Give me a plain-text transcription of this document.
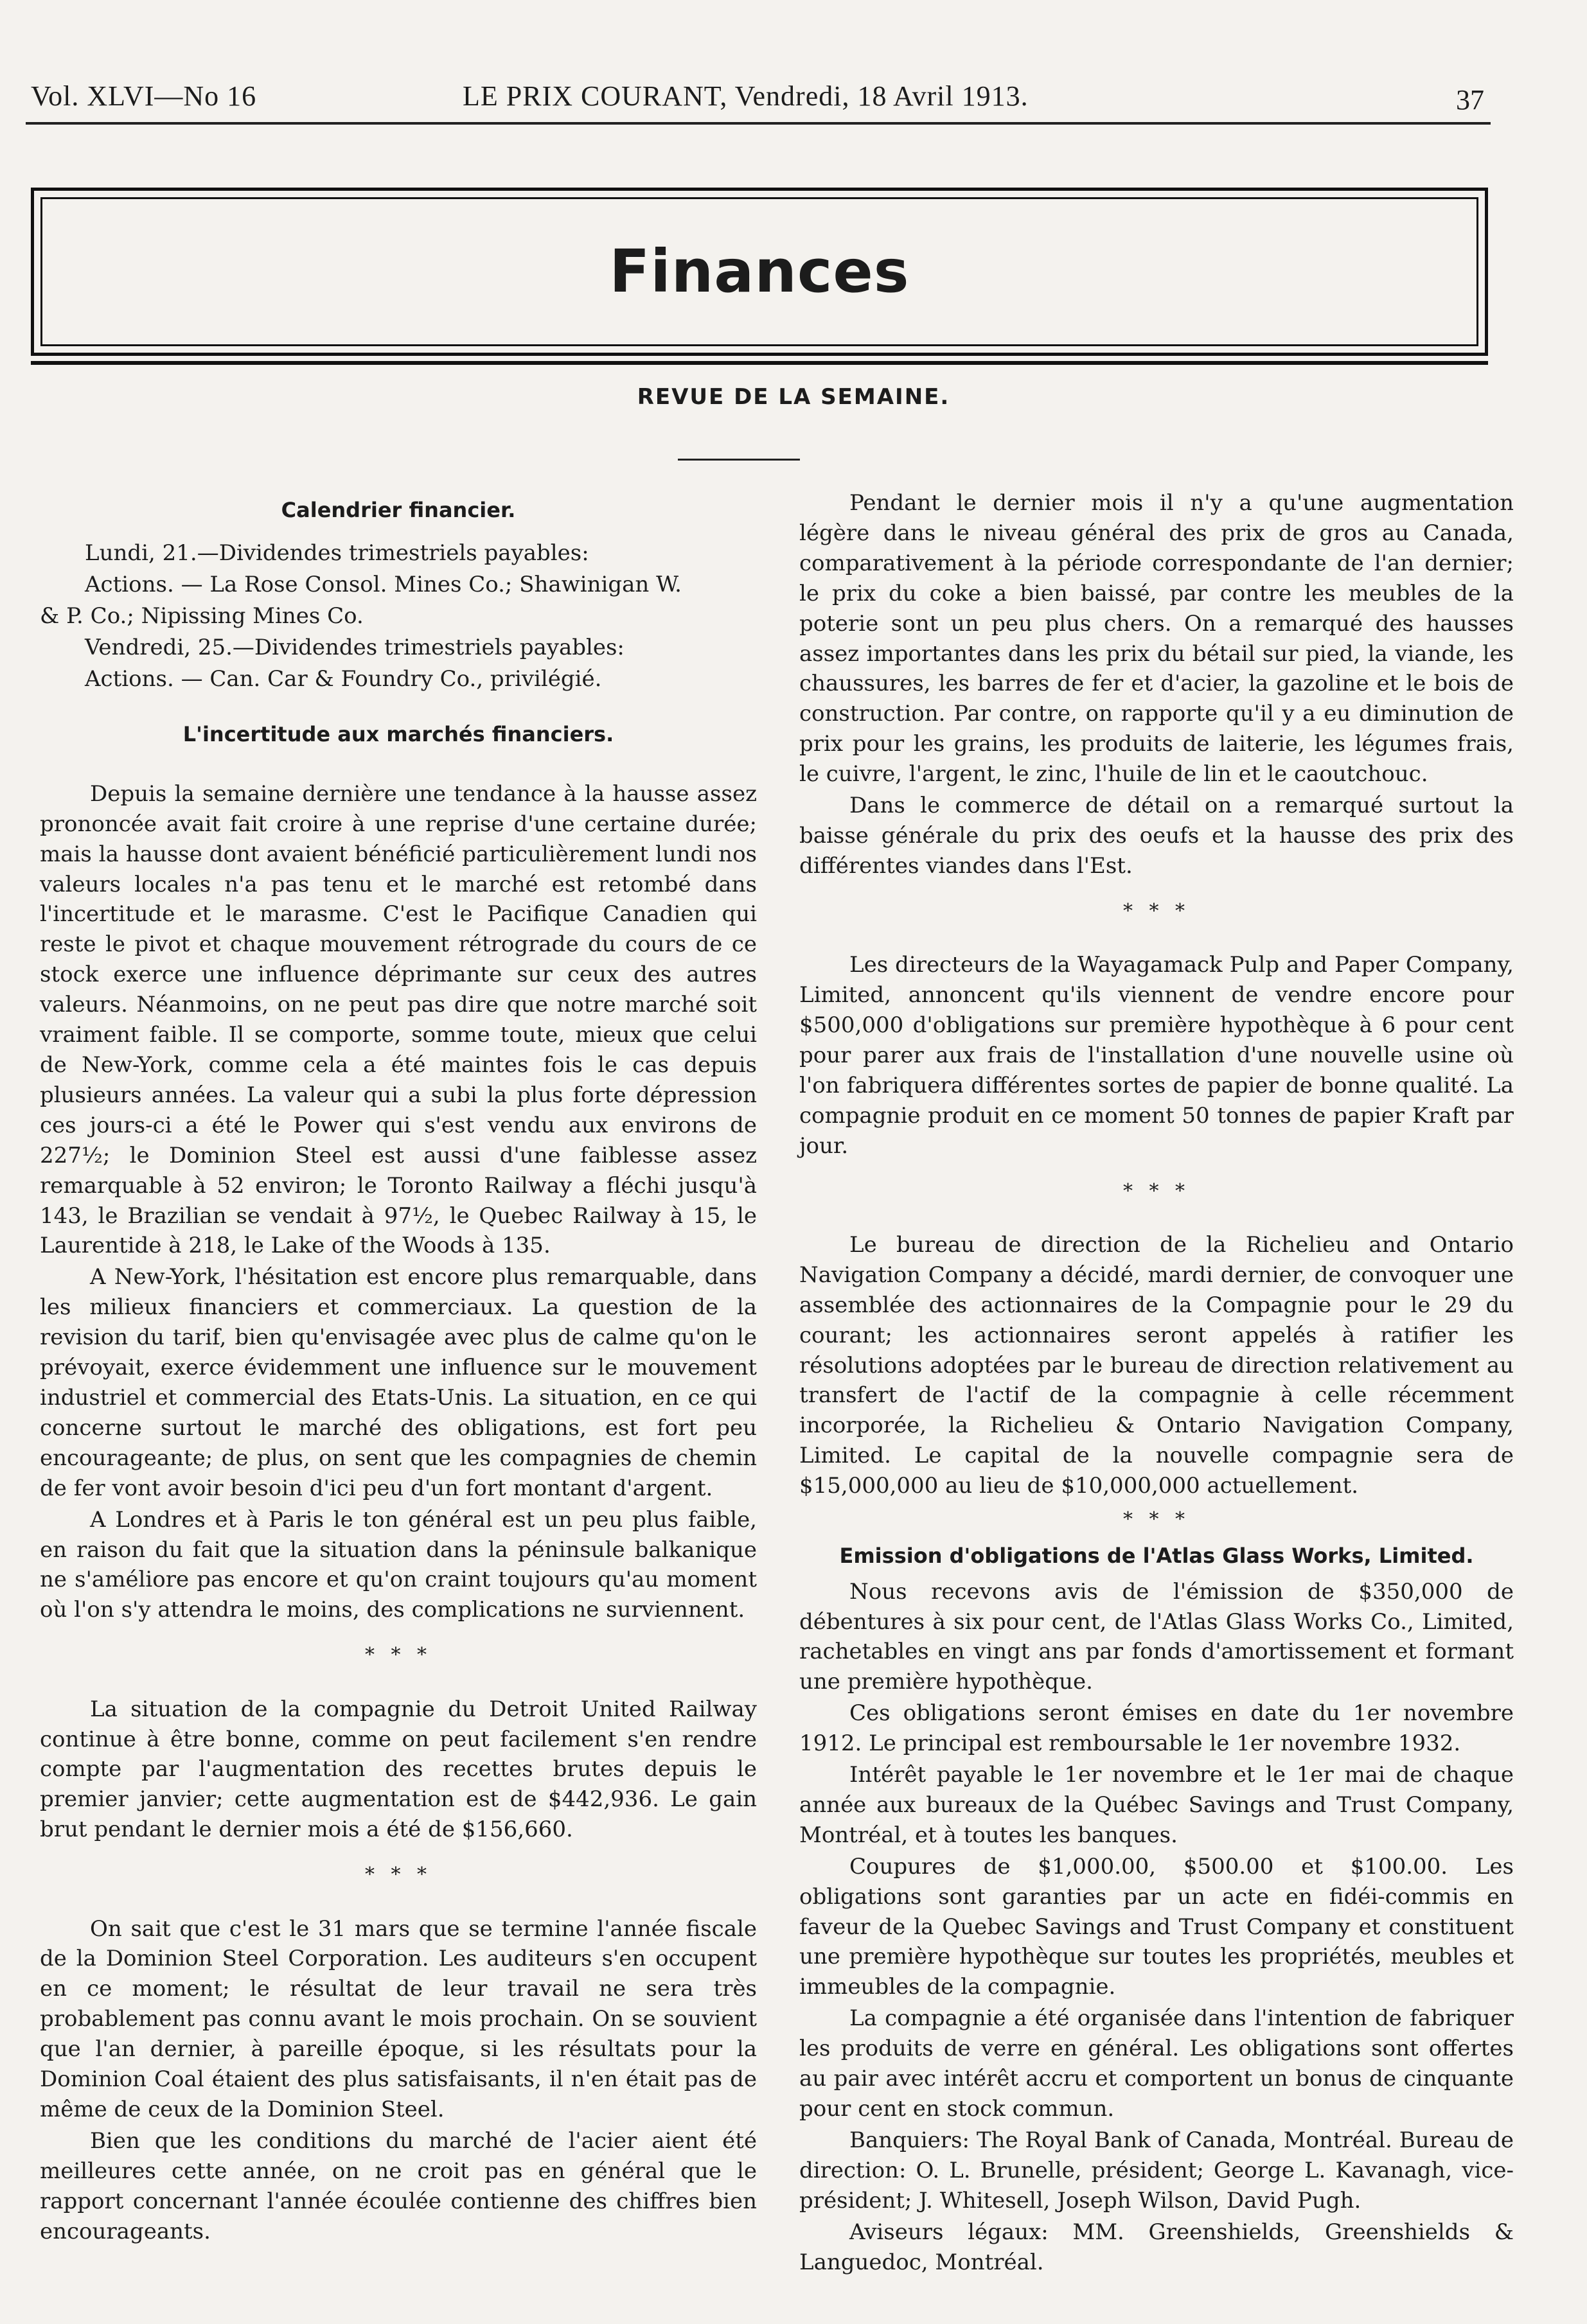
Vol. XLVI—No 16	LE PRIX COURANT, Vendredi, 18 Avril 1913.	37
Finances
REVUE DE LA SEMAINE.
Calendrier financier.

Lundi, 21.—Dividendes trimestriels payables:

Actions. — La Rose Consol. Mines Co.; Shawinigan W.

& P. Co.; Nipissing Mines Co.

Vendredi, 25.—Dividendes trimestriels payables:

Actions. — Can. Car & Foundry Co., privilégié.

L'incertitude aux marchés financiers.

Depuis la semaine dernière une tendance à la hausse assez prononcée avait fait croire à une reprise d'une certaine durée; mais la hausse dont avaient bénéficié particulièrement lundi nos valeurs locales n'a pas tenu et le marché est retombé dans l'incertitude et le marasme. C'est le Pacifique Canadien qui reste le pivot et chaque mouvement rétrograde du cours de ce stock exerce une influence déprimante sur ceux des autres valeurs. Néanmoins, on ne peut pas dire que notre marché soit vraiment faible. Il se comporte, somme toute, mieux que celui de New-York, comme cela a été maintes fois le cas depuis plusieurs années. La valeur qui a subi la plus forte dépression ces jours-ci a été le Power qui s'est vendu aux environs de 227½; le Dominion Steel est aussi d'une faiblesse assez remarquable à 52 environ; le Toronto Railway a fléchi jusqu'à 143, le Brazilian se vendait à 97½, le Quebec Railway à 15, le Laurentide à 218, le Lake of the Woods à 135.

A New-York, l'hésitation est encore plus remarquable, dans les milieux financiers et commerciaux. La question de la revision du tarif, bien qu'envisagée avec plus de calme qu'on le prévoyait, exerce évidemment une influence sur le mouvement industriel et commercial des Etats-Unis. La situation, en ce qui concerne surtout le marché des obligations, est fort peu encourageante; de plus, on sent que les compagnies de chemin de fer vont avoir besoin d'ici peu d'un fort montant d'argent.

A Londres et à Paris le ton général est un peu plus faible, en raison du fait que la situation dans la péninsule balkanique ne s'améliore pas encore et qu'on craint toujours qu'au moment où l'on s'y attendra le moins, des complications ne surviennent.

* * *

La situation de la compagnie du Detroit United Railway continue à être bonne, comme on peut facilement s'en rendre compte par l'augmentation des recettes brutes depuis le premier janvier; cette augmentation est de $442,936. Le gain brut pendant le dernier mois a été de $156,660.

* * *

On sait que c'est le 31 mars que se termine l'année fiscale de la Dominion Steel Corporation. Les auditeurs s'en occupent en ce moment; le résultat de leur travail ne sera très probablement pas connu avant le mois prochain. On se souvient que l'an dernier, à pareille époque, si les résultats pour la Dominion Coal étaient des plus satisfaisants, il n'en était pas de même de ceux de la Dominion Steel.

Bien que les conditions du marché de l'acier aient été meilleures cette année, on ne croit pas en général que le rapport concernant l'année écoulée contienne des chiffres bien encourageants.

Pendant le dernier mois il n'y a qu'une augmentation légère dans le niveau général des prix de gros au Canada, comparativement à la période correspondante de l'an dernier; le prix du coke a bien baissé, par contre les meubles de la poterie sont un peu plus chers. On a remarqué des hausses assez importantes dans les prix du bétail sur pied, la viande, les chaussures, les barres de fer et d'acier, la gazoline et le bois de construction. Par contre, on rapporte qu'il y a eu diminution de prix pour les grains, les produits de laiterie, les légumes frais, le cuivre, l'argent, le zinc, l'huile de lin et le caoutchouc.

Dans le commerce de détail on a remarqué surtout la baisse générale du prix des oeufs et la hausse des prix des différentes viandes dans l'Est.

* * *

Les directeurs de la Wayagamack Pulp and Paper Company, Limited, annoncent qu'ils viennent de vendre encore pour $500,000 d'obligations sur première hypothèque à 6 pour cent pour parer aux frais de l'installation d'une nouvelle usine où l'on fabriquera différentes sortes de papier de bonne qualité. La compagnie produit en ce moment 50 tonnes de papier Kraft par jour.

* * *

Le bureau de direction de la Richelieu and Ontario Navigation Company a décidé, mardi dernier, de convoquer une assemblée des actionnaires de la Compagnie pour le 29 du courant; les actionnaires seront appelés à ratifier les résolutions adoptées par le bureau de direction relativement au transfert de l'actif de la compagnie à celle récemment incorporée, la Richelieu & Ontario Navigation Company, Limited. Le capital de la nouvelle compagnie sera de $15,000,000 au lieu de $10,000,000 actuellement.

* * *
Emission d'obligations de l'Atlas Glass Works, Limited.

Nous recevons avis de l'émission de $350,000 de débentures à six pour cent, de l'Atlas Glass Works Co., Limited, rachetables en vingt ans par fonds d'amortissement et formant une première hypothèque.

Ces obligations seront émises en date du 1er novembre 1912. Le principal est remboursable le 1er novembre 1932.

Intérêt payable le 1er novembre et le 1er mai de chaque année aux bureaux de la Québec Savings and Trust Company, Montréal, et à toutes les banques.

Coupures de $1,000.00, $500.00 et $100.00. Les obligations sont garanties par un acte en fidéi-commis en faveur de la Quebec Savings and Trust Company et constituent une première hypothèque sur toutes les propriétés, meubles et immeubles de la compagnie.

La compagnie a été organisée dans l'intention de fabriquer les produits de verre en général. Les obligations sont offertes au pair avec intérêt accru et comportent un bonus de cinquante pour cent en stock commun.

Banquiers: The Royal Bank of Canada, Montréal. Bureau de direction: O. L. Brunelle, président; George L. Kavanagh, vice-président; J. Whitesell, Joseph Wilson, David Pugh.

Aviseurs légaux: MM. Greenshields, Greenshields & Languedoc, Montréal.
